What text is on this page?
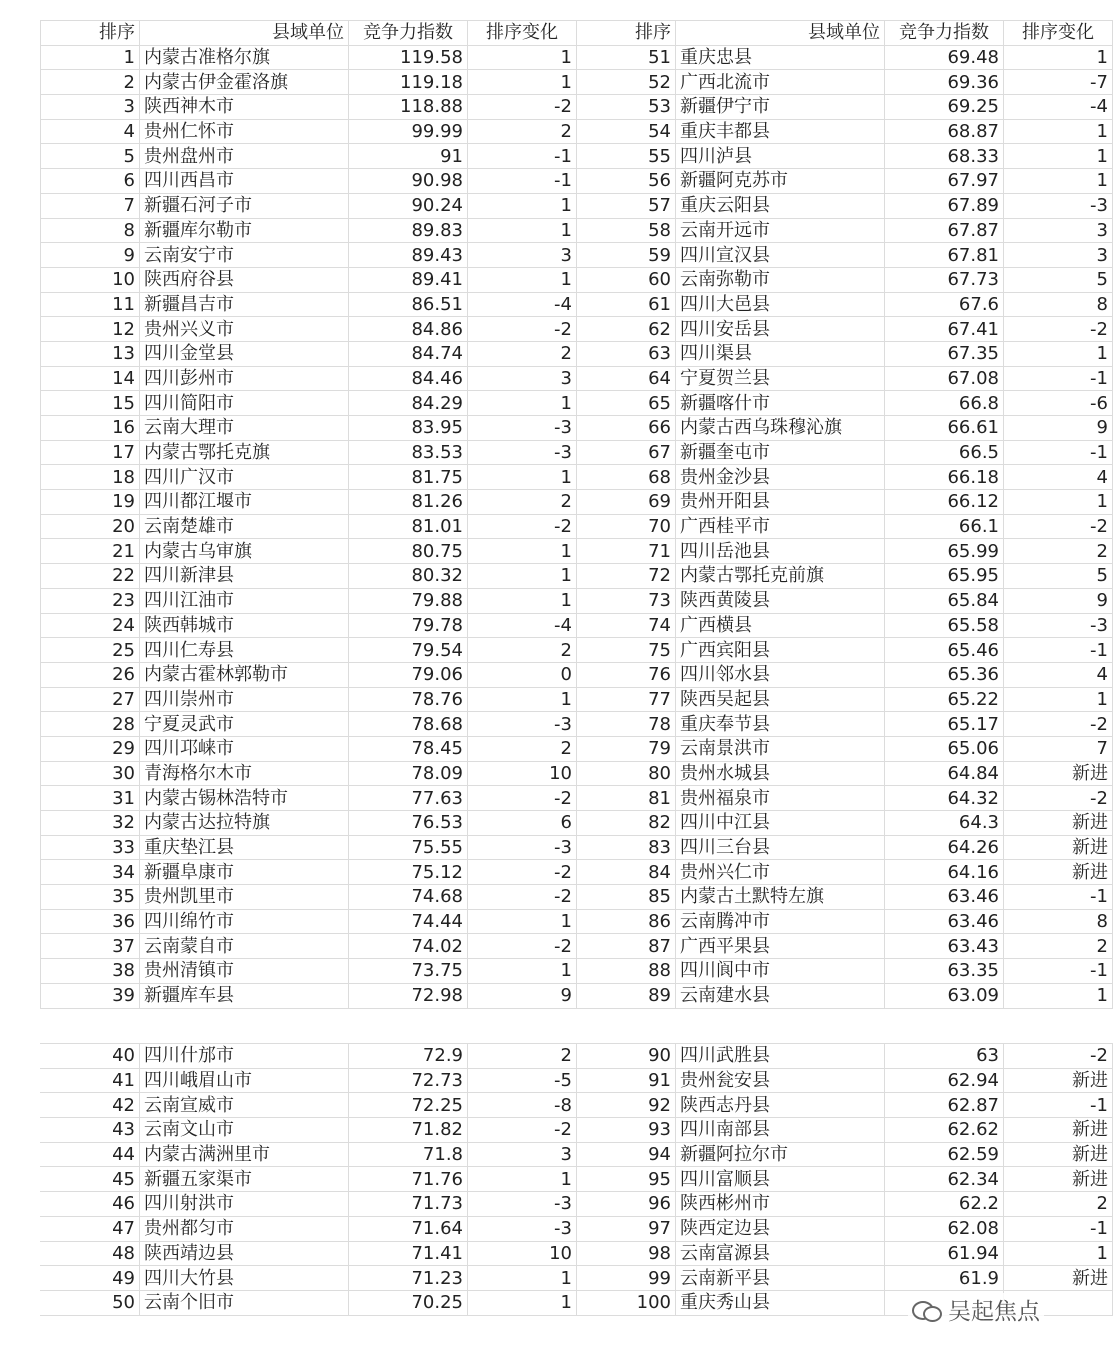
排序	县域单位	竞争力指数	排序变化	排序	县域单位	竞争力指数	排序变化
1	内蒙古准格尔旗	119.58	1	51	重庆忠县	69.48	1
2	内蒙古伊金霍洛旗	119.18	1	52	广西北流市	69.36	-7
3	陕西神木市	118.88	-2	53	新疆伊宁市	69.25	-4
4	贵州仁怀市	99.99	2	54	重庆丰都县	68.87	1
5	贵州盘州市	91	-1	55	四川泸县	68.33	1
6	四川西昌市	90.98	-1	56	新疆阿克苏市	67.97	1
7	新疆石河子市	90.24	1	57	重庆云阳县	67.89	-3
8	新疆库尔勒市	89.83	1	58	云南开远市	67.87	3
9	云南安宁市	89.43	3	59	四川宣汉县	67.81	3
10	陕西府谷县	89.41	1	60	云南弥勒市	67.73	5
11	新疆昌吉市	86.51	-4	61	四川大邑县	67.6	8
12	贵州兴义市	84.86	-2	62	四川安岳县	67.41	-2
13	四川金堂县	84.74	2	63	四川渠县	67.35	1
14	四川彭州市	84.46	3	64	宁夏贺兰县	67.08	-1
15	四川简阳市	84.29	1	65	新疆喀什市	66.8	-6
16	云南大理市	83.95	-3	66	内蒙古西乌珠穆沁旗	66.61	9
17	内蒙古鄂托克旗	83.53	-3	67	新疆奎屯市	66.5	-1
18	四川广汉市	81.75	1	68	贵州金沙县	66.18	4
19	四川都江堰市	81.26	2	69	贵州开阳县	66.12	1
20	云南楚雄市	81.01	-2	70	广西桂平市	66.1	-2
21	内蒙古乌审旗	80.75	1	71	四川岳池县	65.99	2
22	四川新津县	80.32	1	72	内蒙古鄂托克前旗	65.95	5
23	四川江油市	79.88	1	73	陕西黄陵县	65.84	9
24	陕西韩城市	79.78	-4	74	广西横县	65.58	-3
25	四川仁寿县	79.54	2	75	广西宾阳县	65.46	-1
26	内蒙古霍林郭勒市	79.06	0	76	四川邻水县	65.36	4
27	四川崇州市	78.76	1	77	陕西吴起县	65.22	1
28	宁夏灵武市	78.68	-3	78	重庆奉节县	65.17	-2
29	四川邛崃市	78.45	2	79	云南景洪市	65.06	7
30	青海格尔木市	78.09	10	80	贵州水城县	64.84	新进
31	内蒙古锡林浩特市	77.63	-2	81	贵州福泉市	64.32	-2
32	内蒙古达拉特旗	76.53	6	82	四川中江县	64.3	新进
33	重庆垫江县	75.55	-3	83	四川三台县	64.26	新进
34	新疆阜康市	75.12	-2	84	贵州兴仁市	64.16	新进
35	贵州凯里市	74.68	-2	85	内蒙古土默特左旗	63.46	-1
36	四川绵竹市	74.44	1	86	云南腾冲市	63.46	8
37	云南蒙自市	74.02	-2	87	广西平果县	63.43	2
38	贵州清镇市	73.75	1	88	四川阆中市	63.35	-1
39	新疆库车县	72.98	9	89	云南建水县	63.09	1
40	四川什邡市	72.9	2	90	四川武胜县	63	-2
41	四川峨眉山市	72.73	-5	91	贵州瓮安县	62.94	新进
42	云南宣威市	72.25	-8	92	陕西志丹县	62.87	-1
43	云南文山市	71.82	-2	93	四川南部县	62.62	新进
44	内蒙古满洲里市	71.8	3	94	新疆阿拉尔市	62.59	新进
45	新疆五家渠市	71.76	1	95	四川富顺县	62.34	新进
46	四川射洪市	71.73	-3	96	陕西彬州市	62.2	2
47	贵州都匀市	71.64	-3	97	陕西定边县	62.08	-1
48	陕西靖边县	71.41	10	98	云南富源县	61.94	1
49	四川大竹县	71.23	1	99	云南新平县	61.9	新进
50	云南个旧市	70.25	1	100	重庆秀山县			吴起焦点
